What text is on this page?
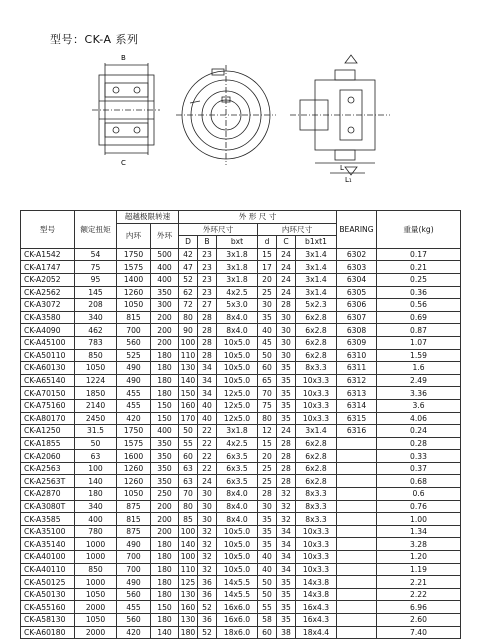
型号：CK-A 系列
B
C
L
L₁
型号	额定扭矩	超越极限转速		外 形 尺 寸						BEARING	重量(kg)
		内环	外环	外环尺寸			内环尺寸				
				D	B	bxt	d	C	b1xt1		
CK-A1542	54	1750	500	42	23	3x1.8	15	24	3x1.4	6302	0.17
CK-A1747	75	1575	400	47	23	3x1.8	17	24	3x1.4	6303	0.21
CK-A2052	95	1400	400	52	23	3x1.8	20	24	3x1.4	6304	0.25
CK-A2562	145	1260	350	62	23	4x2.5	25	24	3x1.4	6305	0.36
CK-A3072	208	1050	300	72	27	5x3.0	30	28	5x2.3	6306	0.56
CK-A3580	340	815	200	80	28	8x4.0	35	30	6x2.8	6307	0.69
CK-A4090	462	700	200	90	28	8x4.0	40	30	6x2.8	6308	0.87
CK-A45100	783	560	200	100	28	10x5.0	45	30	6x2.8	6309	1.07
CK-A50110	850	525	180	110	28	10x5.0	50	30	6x2.8	6310	1.59
CK-A60130	1050	490	180	130	34	10x5.0	60	35	8x3.3	6311	1.6
CK-A65140	1224	490	180	140	34	10x5.0	65	35	10x3.3	6312	2.49
CK-A70150	1850	455	180	150	34	12x5.0	70	35	10x3.3	6313	3.36
CK-A75160	2140	455	150	160	40	12x5.0	75	35	10x3.3	6314	3.6
CK-A80170	2450	420	150	170	40	12x5.0	80	35	10x3.3	6315	4.06
CK-A1250	31.5	1750	400	50	22	3x1.8	12	24	3x1.4	6316	0.24
CK-A1855	50	1575	350	55	22	4x2.5	15	28	6x2.8		0.28
CK-A2060	63	1600	350	60	22	6x3.5	20	28	6x2.8		0.33
CK-A2563	100	1260	350	63	22	6x3.5	25	28	6x2.8		0.37
CK-A2563T	140	1260	350	63	24	6x3.5	25	28	6x2.8		0.68
CK-A2870	180	1050	250	70	30	8x4.0	28	32	8x3.3		0.6
CK-A3080T	340	875	200	80	30	8x4.0	30	32	8x3.3		0.76
CK-A3585	400	815	200	85	30	8x4.0	35	32	8x3.3		1.00
CK-A35100	780	875	200	100	32	10x5.0	35	34	10x3.3		1.34
CK-A35140	1000	490	180	140	32	10x5.0	35	34	10x3.3		3.28
CK-A40100	1000	700	180	100	32	10x5.0	40	34	10x3.3		1.20
CK-A40110	850	700	180	110	32	10x5.0	40	34	10x3.3		1.19
CK-A50125	1000	490	180	125	36	14x5.5	50	35	14x3.8		2.21
CK-A50130	1050	560	180	130	36	14x5.5	50	35	14x3.8		2.22
CK-A55160	2000	455	150	160	52	16x6.0	55	35	16x4.3		6.96
CK-A58130	1050	560	180	130	36	16x6.0	58	35	16x4.3		2.60
CK-A60180	2000	420	140	180	52	18x6.0	60	38	18x4.4		7.40
